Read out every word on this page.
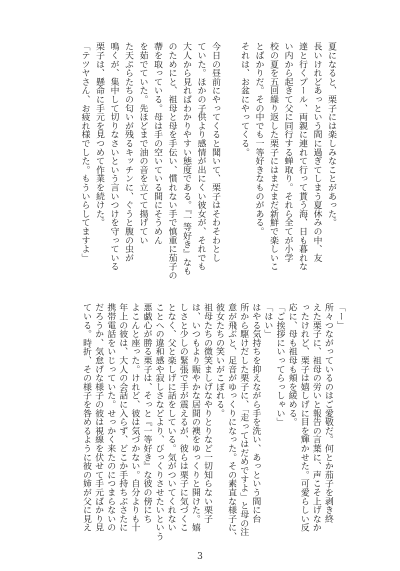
夏になると、栗子には楽しみなことがあった。
長いけれどあっという間に過ぎてしまう夏休みの中、友
達と行くプール、両親に連れて行って貰う海、日も暮れな
い内から起きて父に同行する蝉取り。それら全てが小学
校の夏を五回繰り返した栗子にはまだまだ新鮮で楽しいこ
とばかりだ。その中でも一等好きなものがある。
それは、お盆にやってくる。
今日の昼前にやってくると聞いて、栗子はそわそわとし
ていた。ほかの子供より感情が出にくい彼女が、それでも
大人から見ればわかりやすい態度である。『一等好き』なも
のためにと、祖母と母を手伝い、慣れない手で慎重に茄子の
蔕を取っている。母は手の空いている間にそうめん
を茹でていた。先ほどまで油の音を立てて揚げてい
た天ぷらたちの匂いが残るキッチンに、ぐうと腹の虫が
鳴くが、集中して切りなさいという言いつけを守っている
栗子は、懸命に手元を見つめて作業を続けた。
「テツヤさん、お疲れ様でした。もういらしてますよ」
「ー」
所々つながっているのはご愛敬だ。何とか茄子を剥き終
えた栗子に、祖母の労いと報告の言葉に、声こそ上げなか
ったけれど、栗子は嬉しげに目を輝かせた。可愛らしい反
応に、母も祖母も頬を緩める。
「ご挨拶にいってらっしゃい」
「はい」
はやる気持ちを抑えながら手を洗い、あっという間に台
所から駆けだした栗子に、「走ってはだめですよ」と母の注
意が飛ぶと、足音がゆっくりになった。その素直な様子に、
彼女たちの笑いがこぼれる。
祖母たちの微笑ましげなやりとりなど一切知らない栗子
は、いつもより賑やかな居間の襖をゆっくりと開けた。嬉
しさと少しの緊張で手が震えるが、彼らは栗子に気づくこ
となく、父と楽しげに話をしている。気がついてくれない
ことへの違和感や寂しさなどより、びっくりさせたいという
悪戯心が勝る栗子は、そっと『一等好き』な彼の傍にち
よこんと座った。けれど、彼は気づかない。自分よりも十
年上の彼は、大人の会話に入らず、どこか手持ちぶさたに
携帯電話をいじっていた。せっかく来たのにつまらないの
だろうか、気怠げな様子の彼は視線を伏せて手元ばかり見
ている。時折、その様子を咎めるように彼の姉が父に見え
3
